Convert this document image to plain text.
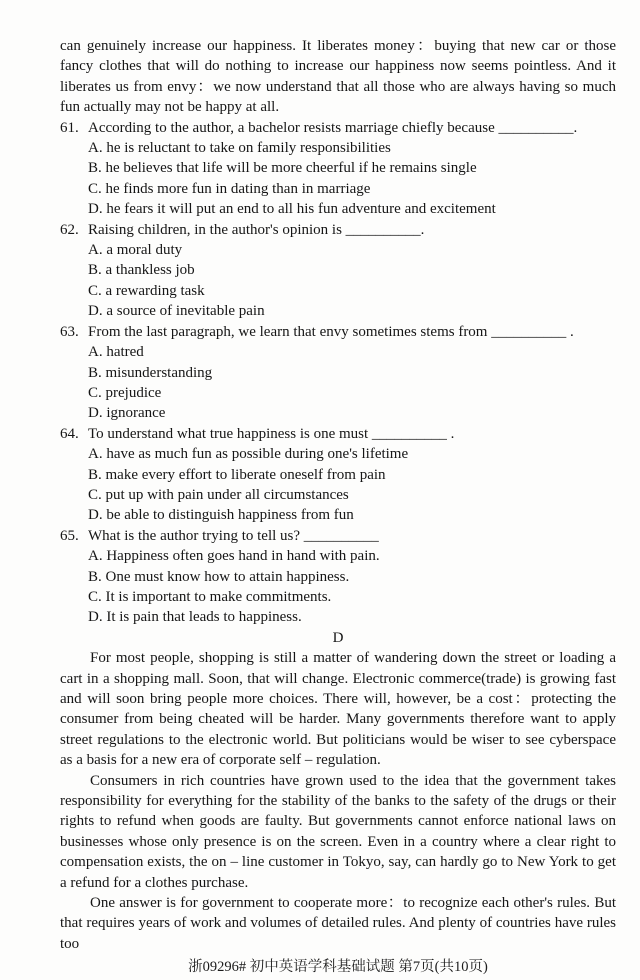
can genuinely increase our happiness. It liberates money：buying that new car or those fancy clothes that will do nothing to increase our happiness now seems pointless. And it liberates us from envy：we now understand that all those who are always having so much fun actually may not be happy at all.

61. According to the author, a bachelor resists marriage chiefly because __________.
A. he is reluctant to take on family responsibilities
B. he believes that life will be more cheerful if he remains single
C. he finds more fun in dating than in marriage
D. he fears it will put an end to all his fun adventure and excitement
62. Raising children, in the author's opinion is __________.
A. a moral duty
B. a thankless job
C. a rewarding task
D. a source of inevitable pain
63. From the last paragraph, we learn that envy sometimes stems from __________ .
A. hatred
B. misunderstanding
C. prejudice
D. ignorance
64. To understand what true happiness is one must __________ .
A. have as much fun as possible during one's lifetime
B. make every effort to liberate oneself from pain
C. put up with pain under all circumstances
D. be able to distinguish happiness from fun
65. What is the author trying to tell us? __________
A. Happiness often goes hand in hand with pain.
B. One must know how to attain happiness.
C. It is important to make commitments.
D. It is pain that leads to happiness.
D

For most people, shopping is still a matter of wandering down the street or loading a cart in a shopping mall. Soon, that will change. Electronic commerce(trade) is growing fast and will soon bring people more choices. There will, however, be a cost：protecting the consumer from being cheated will be harder. Many governments therefore want to apply street regulations to the electronic world. But politicians would be wiser to see cyberspace as a basis for a new era of corporate self – regulation.

Consumers in rich countries have grown used to the idea that the government takes responsibility for everything for the stability of the banks to the safety of the drugs or their rights to refund when goods are faulty. But governments cannot enforce national laws on businesses whose only presence is on the screen. Even in a country where a clear right to compensation exists, the on – line customer in Tokyo, say, can hardly go to New York to get a refund for a clothes purchase.

One answer is for government to cooperate more：to recognize each other's rules. But that requires years of work and volumes of detailed rules. And plenty of countries have rules too

浙09296# 初中英语学科基础试题 第7页(共10页)
